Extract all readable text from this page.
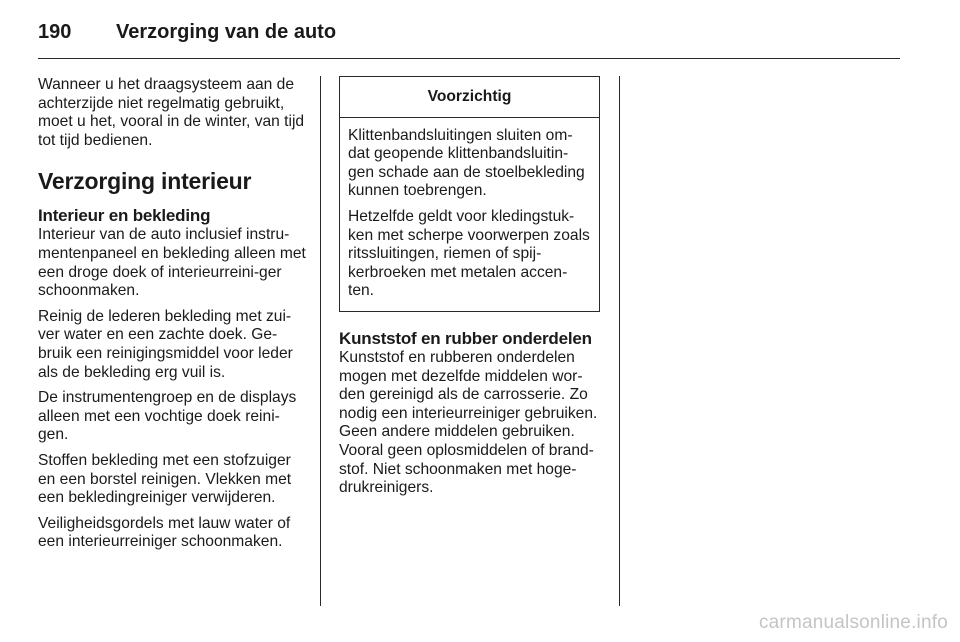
190	Verzorging van de auto

Wanneer u het draagsysteem aan de achterzijde niet regelmatig gebruikt, moet u het, vooral in de winter, van tijd tot tijd bedienen.

Verzorging interieur
Interieur en bekleding

Interieur van de auto inclusief instru-mentenpaneel en bekleding alleen met een droge doek of interieurreini-ger schoonmaken.

Reinig de lederen bekleding met zui-ver water en een zachte doek. Ge-bruik een reinigingsmiddel voor leder als de bekleding erg vuil is.

De instrumentengroep en de displays alleen met een vochtige doek reini-gen.

Stoffen bekleding met een stofzuiger en een borstel reinigen. Vlekken met een bekledingreiniger verwijderen.

Veiligheidsgordels met lauw water of een interieurreiniger schoonmaken.

Voorzichtig

Klittenbandsluitingen sluiten om-dat geopende klittenbandsluitin-gen schade aan de stoelbekleding kunnen toebrengen.

Hetzelfde geldt voor kledingstuk-ken met scherpe voorwerpen zoals ritssluitingen, riemen of spij-kerbroeken met metalen accen-ten.

Kunststof en rubber onderdelen

Kunststof en rubberen onderdelen mogen met dezelfde middelen wor-den gereinigd als de carrosserie. Zo nodig een interieurreiniger gebruiken. Geen andere middelen gebruiken. Vooral geen oplosmiddelen of brand-stof. Niet schoonmaken met hoge-drukreinigers.

carmanualsonline.info
